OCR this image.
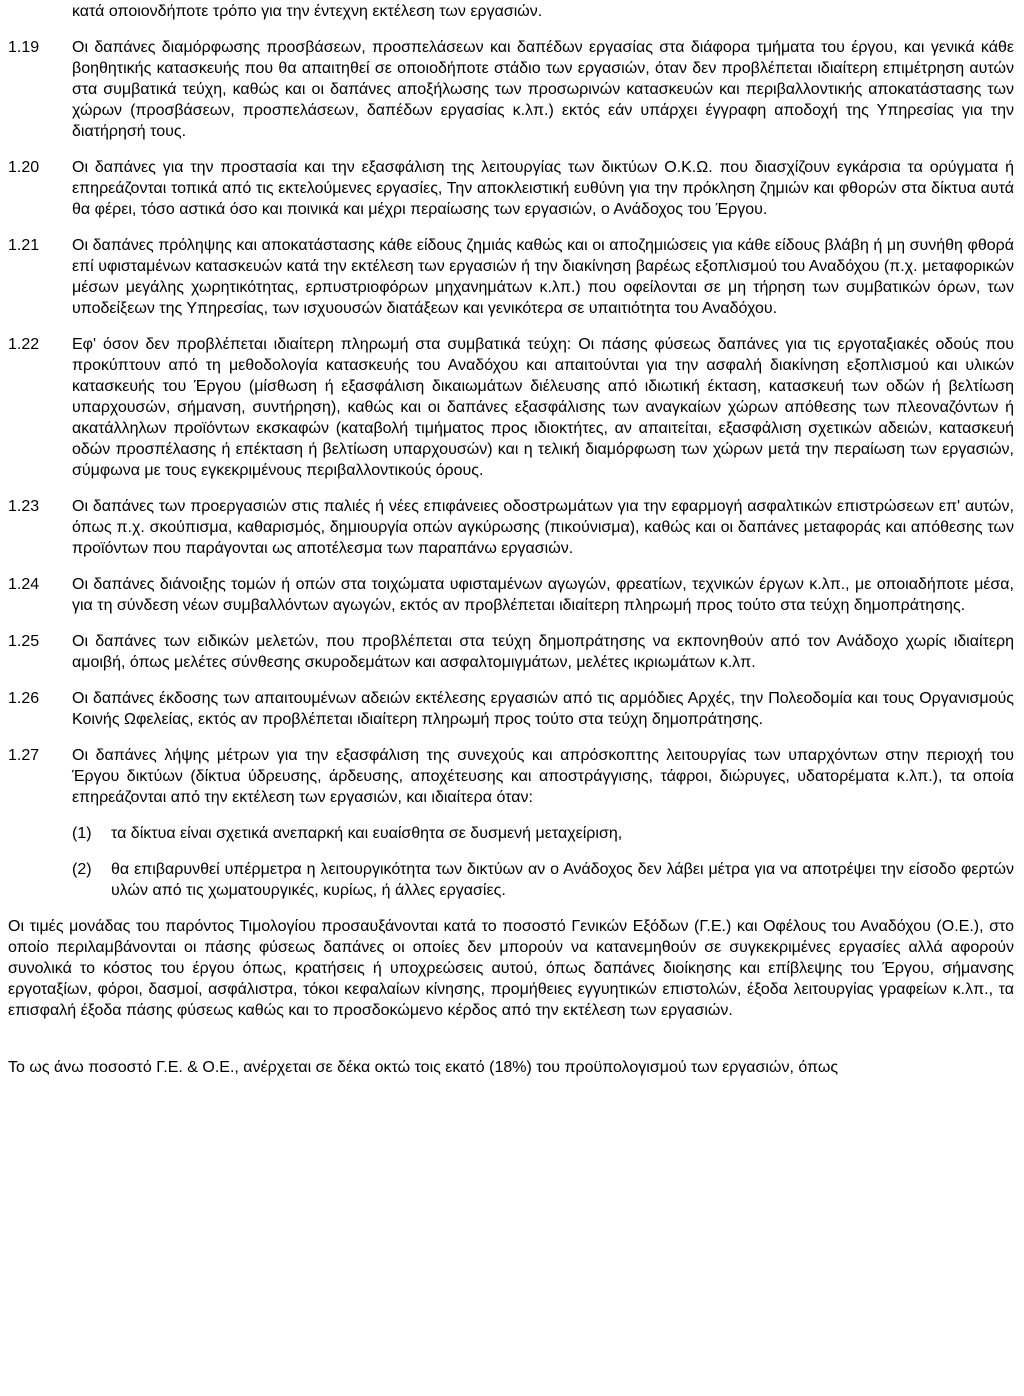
κατά οποιονδήποτε τρόπο για την έντεχνη εκτέλεση των εργασιών.
1.19	Οι δαπάνες διαμόρφωσης προσβάσεων, προσπελάσεων και δαπέδων εργασίας στα διάφορα τμήματα του έργου, και γενικά κάθε βοηθητικής κατασκευής που θα απαιτηθεί σε οποιοδήποτε στάδιο των εργασιών, όταν δεν προβλέπεται ιδιαίτερη επιμέτρηση αυτών στα συμβατικά τεύχη, καθώς και οι δαπάνες αποξήλωσης των προσωρινών κατασκευών και περιβαλλοντικής αποκατάστασης των χώρων (προσβάσεων, προσπελάσεων, δαπέδων εργασίας κ.λπ.) εκτός εάν υπάρχει έγγραφη αποδοχή της Υπηρεσίας για την διατήρησή τους.
1.20	Οι δαπάνες για την προστασία και την εξασφάλιση της λειτουργίας των δικτύων Ο.Κ.Ω. που διασχίζουν εγκάρσια τα ορύγματα ή επηρεάζονται τοπικά από τις εκτελούμενες εργασίες, Την αποκλειστική ευθύνη για την πρόκληση ζημιών και φθορών στα δίκτυα αυτά θα φέρει, τόσο αστικά όσο και ποινικά και μέχρι περαίωσης των εργασιών, ο Ανάδοχος του Έργου.
1.21	Οι δαπάνες πρόληψης και αποκατάστασης κάθε είδους ζημιάς καθώς και οι αποζημιώσεις για κάθε είδους βλάβη ή μη συνήθη φθορά επί υφισταμένων κατασκευών κατά την εκτέλεση των εργασιών ή την διακίνηση βαρέως εξοπλισμού του Αναδόχου (π.χ. μεταφορικών μέσων μεγάλης χωρητικότητας, ερπυστριοφόρων μηχανημάτων κ.λπ.) που οφείλονται σε μη τήρηση των συμβατικών όρων, των υποδείξεων της Υπηρεσίας, των ισχυουσών διατάξεων και γενικότερα σε υπαιτιότητα του Αναδόχου.
1.22	Εφ' όσον δεν προβλέπεται ιδιαίτερη πληρωμή στα συμβατικά τεύχη: Οι πάσης φύσεως δαπάνες για τις εργοταξιακές οδούς που προκύπτουν από τη μεθοδολογία κατασκευής του Αναδόχου και απαιτούνται για την ασφαλή διακίνηση εξοπλισμού και υλικών κατασκευής του Έργου (μίσθωση ή εξασφάλιση δικαιωμάτων διέλευσης από ιδιωτική έκταση, κατασκευή των οδών ή βελτίωση υπαρχουσών, σήμανση, συντήρηση), καθώς και οι δαπάνες εξασφάλισης των αναγκαίων χώρων απόθεσης των πλεοναζόντων ή ακατάλληλων προϊόντων εκσκαφών (καταβολή τιμήματος προς ιδιοκτήτες, αν απαιτείται, εξασφάλιση σχετικών αδειών, κατασκευή οδών προσπέλασης ή επέκταση ή βελτίωση υπαρχουσών) και η τελική διαμόρφωση των χώρων μετά την περαίωση των εργασιών, σύμφωνα με τους εγκεκριμένους περιβαλλοντικούς όρους.
1.23	Οι δαπάνες των προεργασιών στις παλιές ή νέες επιφάνειες οδοστρωμάτων για την εφαρμογή ασφαλτικών επιστρώσεων επ' αυτών, όπως π.χ. σκούπισμα, καθαρισμός, δημιουργία οπών αγκύρωσης (πικούνισμα), καθώς και οι δαπάνες μεταφοράς και απόθεσης των προϊόντων που παράγονται ως αποτέλεσμα των παραπάνω εργασιών.
1.24	Οι δαπάνες διάνοιξης τομών ή οπών στα τοιχώματα υφισταμένων αγωγών, φρεατίων, τεχνικών έργων κ.λπ., με οποιαδήποτε μέσα, για τη σύνδεση νέων συμβαλλόντων αγωγών, εκτός αν προβλέπεται ιδιαίτερη πληρωμή προς τούτο στα τεύχη δημοπράτησης.
1.25	Οι δαπάνες των ειδικών μελετών, που προβλέπεται στα τεύχη δημοπράτησης να εκπονηθούν από τον Ανάδοχο χωρίς ιδιαίτερη αμοιβή, όπως μελέτες σύνθεσης σκυροδεμάτων και ασφαλτομιγμάτων, μελέτες ικριωμάτων κ.λπ.
1.26	Οι δαπάνες έκδοσης των απαιτουμένων αδειών εκτέλεσης εργασιών από τις αρμόδιες Αρχές, την Πολεοδομία και τους Οργανισμούς Κοινής Ωφελείας, εκτός αν προβλέπεται ιδιαίτερη πληρωμή προς τούτο στα τεύχη δημοπράτησης.
1.27	Οι δαπάνες λήψης μέτρων για την εξασφάλιση της συνεχούς και απρόσκοπτης λειτουργίας των υπαρχόντων στην περιοχή του Έργου δικτύων (δίκτυα ύδρευσης, άρδευσης, αποχέτευσης και αποστράγγισης, τάφροι, διώρυγες, υδατορέματα κ.λπ.), τα οποία επηρεάζονται από την εκτέλεση των εργασιών, και ιδιαίτερα όταν:
(1)	τα δίκτυα είναι σχετικά ανεπαρκή και ευαίσθητα σε δυσμενή μεταχείριση,
(2)	θα επιβαρυνθεί υπέρμετρα η λειτουργικότητα των δικτύων αν ο Ανάδοχος δεν λάβει μέτρα για να αποτρέψει την είσοδο φερτών υλών από τις χωματουργικές, κυρίως, ή άλλες εργασίες.
Οι τιμές μονάδας του παρόντος Τιμολογίου προσαυξάνονται κατά το ποσοστό Γενικών Εξόδων (Γ.Ε.) και Οφέλους του Αναδόχου (Ο.Ε.), στο οποίο περιλαμβάνονται οι πάσης φύσεως δαπάνες οι οποίες δεν μπορούν να κατανεμηθούν σε συγκεκριμένες εργασίες αλλά αφορούν συνολικά το κόστος του έργου όπως, κρατήσεις ή υποχρεώσεις αυτού, όπως δαπάνες διοίκησης και επίβλεψης του Έργου, σήμανσης εργοταξίων, φόροι, δασμοί, ασφάλιστρα, τόκοι κεφαλαίων κίνησης, προμήθειες εγγυητικών επιστολών, έξοδα λειτουργίας γραφείων κ.λπ., τα επισφαλή έξοδα πάσης φύσεως καθώς και το προσδοκώμενο κέρδος από την εκτέλεση των εργασιών.
Το ως άνω ποσοστό Γ.Ε. & Ο.Ε., ανέρχεται σε δέκα οκτώ τοις εκατό (18%) του προϋπολογισμού των εργασιών, όπως
